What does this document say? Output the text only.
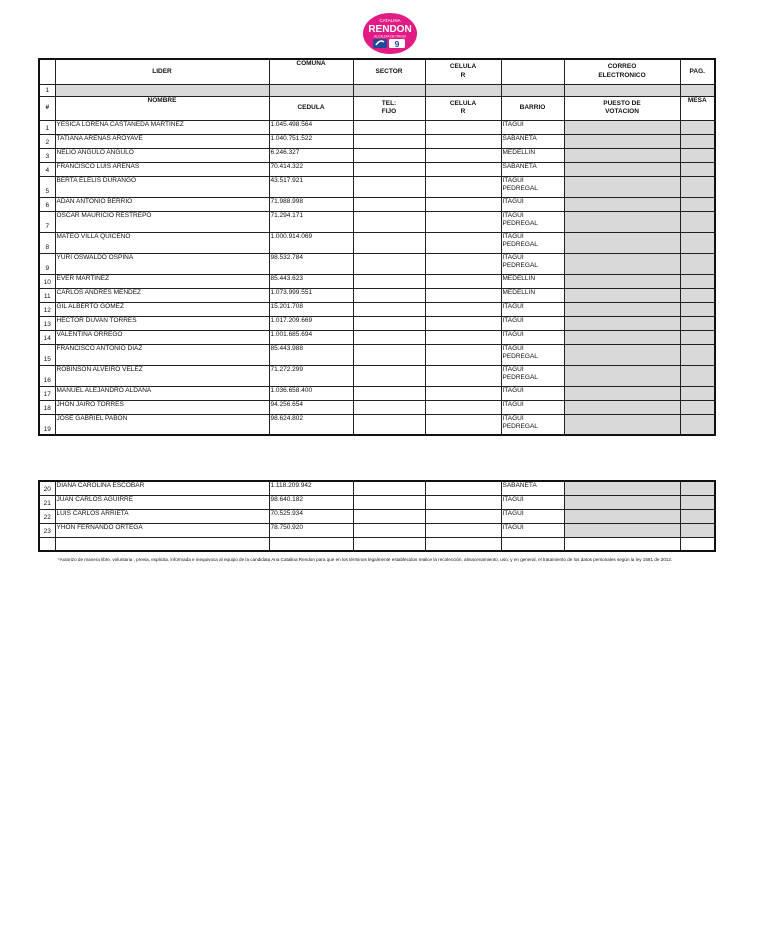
CATALINA
RENDON
ALCALDIA DE ITAGUI
9
	LIDER	COMUNA	SECTOR	CELULA
R		CORREO
ELECTRONICO	PAG.
1							
#	NOMBRE	CEDULA	TEL:
FIJO	CELULA
R	BARRIO	PUESTO DE
VOTACION	MESA
1	YESICA LORENA CASTAÑEDA MARTINEZ	1.045.498.564			ITAGUI		
2	TATIANA ARENAS AROYAVE	1.040.751.522			SABANETA		
3	NELIO ANGULO ANGULO	6.246.327			MEDELLIN		
4	FRANCISCO LUIS ARENAS	70.414.322			SABANETA		
5	BERTA ELELIS DURANGO	43.517.921			ITAGUI
PEDREGAL		
6	ADAN ANTONIO BERRIO	71.988.998			ITAGUI		
7	OSCAR MAURICIO RESTREPO	71.294.171			ITAGUI
PEDREGAL		
8	MATEO VILLA QUICENO	1.000.914.069			ITAGUI
PEDREGAL		
9	YURI OSWALDO OSPINA	98.532.784			ITAGUI
PEDREGAL		
10	EVER MARTINEZ	85.443.623			MEDELLIN		
11	CARLOS ANDRES MENDEZ	1.073.999.551			MEDELLIN		
12	GIL ALBERTO GOMEZ	15.201.708			ITAGUI		
13	HECTOR DUVAN TORRES	1.017.209.669			ITAGUI		
14	VALENTINA ORREGO	1.001.685.694			ITAGUI		
15	FRANCISCO ANTONIO DIAZ	85.443.988			ITAGUI
PEDREGAL		
16	ROBINSON ALVEIRO VELEZ	71.272.299			ITAGUI
PEDREGAL		
17	MANUEL ALEJANDRO ALDANA	1.036.658.400			ITAGUI		
18	JHON JAIRO TORRES	94.256.654			ITAGUI		
19	JOSE GABRIEL PABON	98.624.802			ITAGUI
PEDREGAL		
20	DIANA CAROLINA ESCOBAR	1.118.209.942			SABANETA		
21	JUAN CARLOS AGUIRRE	98.640.182			ITAGUI		
22	LUIS CARLOS ARRIETA	70.525.934			ITAGUI		
23	YHON FERNANDO ORTEGA	78.750.920			ITAGUI		

*Autorizo de manera libre, voluntaria , previa, explicita, informada e inequivoca al equipo de la candidata Ana Catalina Rendon para que en los términos legalmente establecidos realice la recolección, almacenamiento, uso, y en general, el tratamiento de los datos personales según la ley 1581 de 2012.
